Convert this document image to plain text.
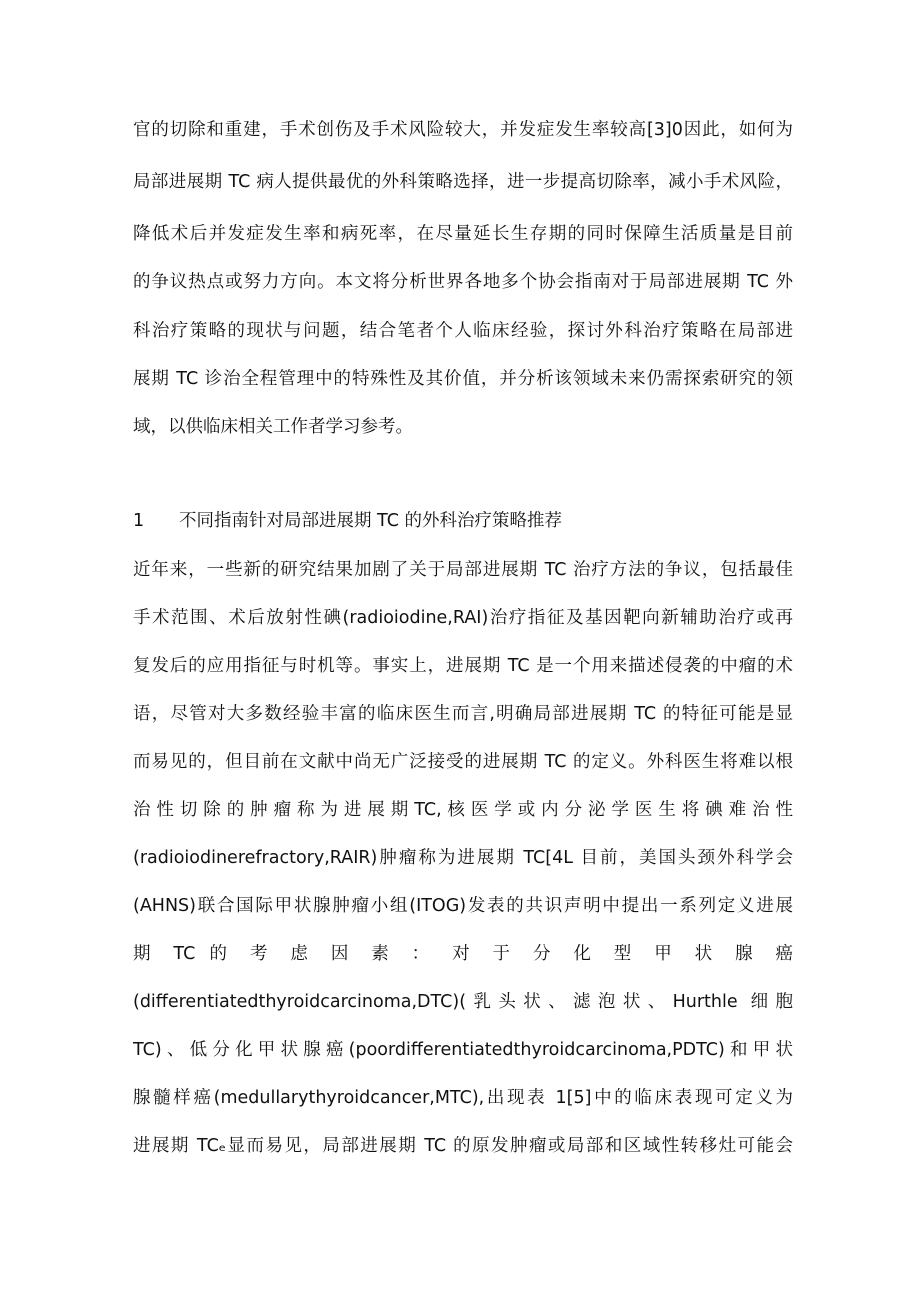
官的切除和重建，手术创伤及手术风险较大，并发症发生率较高[3]0因此，如何为
局部进展期 TC 病人提供最优的外科策略选择，进一步提高切除率，减小手术风险，
降低术后并发症发生率和病死率，在尽量延长生存期的同时保障生活质量是目前
的争议热点或努力方向。本文将分析世界各地多个协会指南对于局部进展期 TC 外
科治疗策略的现状与问题，结合笔者个人临床经验，探讨外科治疗策略在局部进
展期 TC 诊治全程管理中的特殊性及其价值，并分析该领域未来仍需探索研究的领
域，以供临床相关工作者学习参考。
1 不同指南针对局部进展期 TC 的外科治疗策略推荐
近年来，一些新的研究结果加剧了关于局部进展期 TC 治疗方法的争议，包括最佳
手术范围、术后放射性碘(radioiodine,RAI)治疗指征及基因靶向新辅助治疗或再
复发后的应用指征与时机等。事实上，进展期 TC 是一个用来描述侵袭的中瘤的术
语，尽管对大多数经验丰富的临床医生而言,明确局部进展期 TC 的特征可能是显
而易见的，但目前在文献中尚无广泛接受的进展期 TC 的定义。外科医生将难以根
治 性 切 除 的 肿 瘤 称 为 进 展 期 TC, 核 医 学 或 内 分 泌 学 医 生 将 碘 难 治 性
(radioiodinerefractory,RAIR)肿瘤称为进展期 TC[4L 目前，美国头颈外科学会
(AHNS)联合国际甲状腺肿瘤小组(ITOG)发表的共识声明中提出一系列定义进展
期 TC 的 考 虑 因 素 ： 对 于 分 化 型 甲 状 腺 癌
(differentiatedthyroidcarcinoma,DTC)(乳头状、滤泡状、Hurthle 细胞
TC)、低分化甲状腺癌(poordifferentiatedthyroidcarcinoma,PDTC)和甲状
腺髓样癌(medullarythyroidcancer,MTC),出现表 1[5]中的临床表现可定义为
进展期 TCₑ显而易见，局部进展期 TC 的原发肿瘤或局部和区域性转移灶可能会
